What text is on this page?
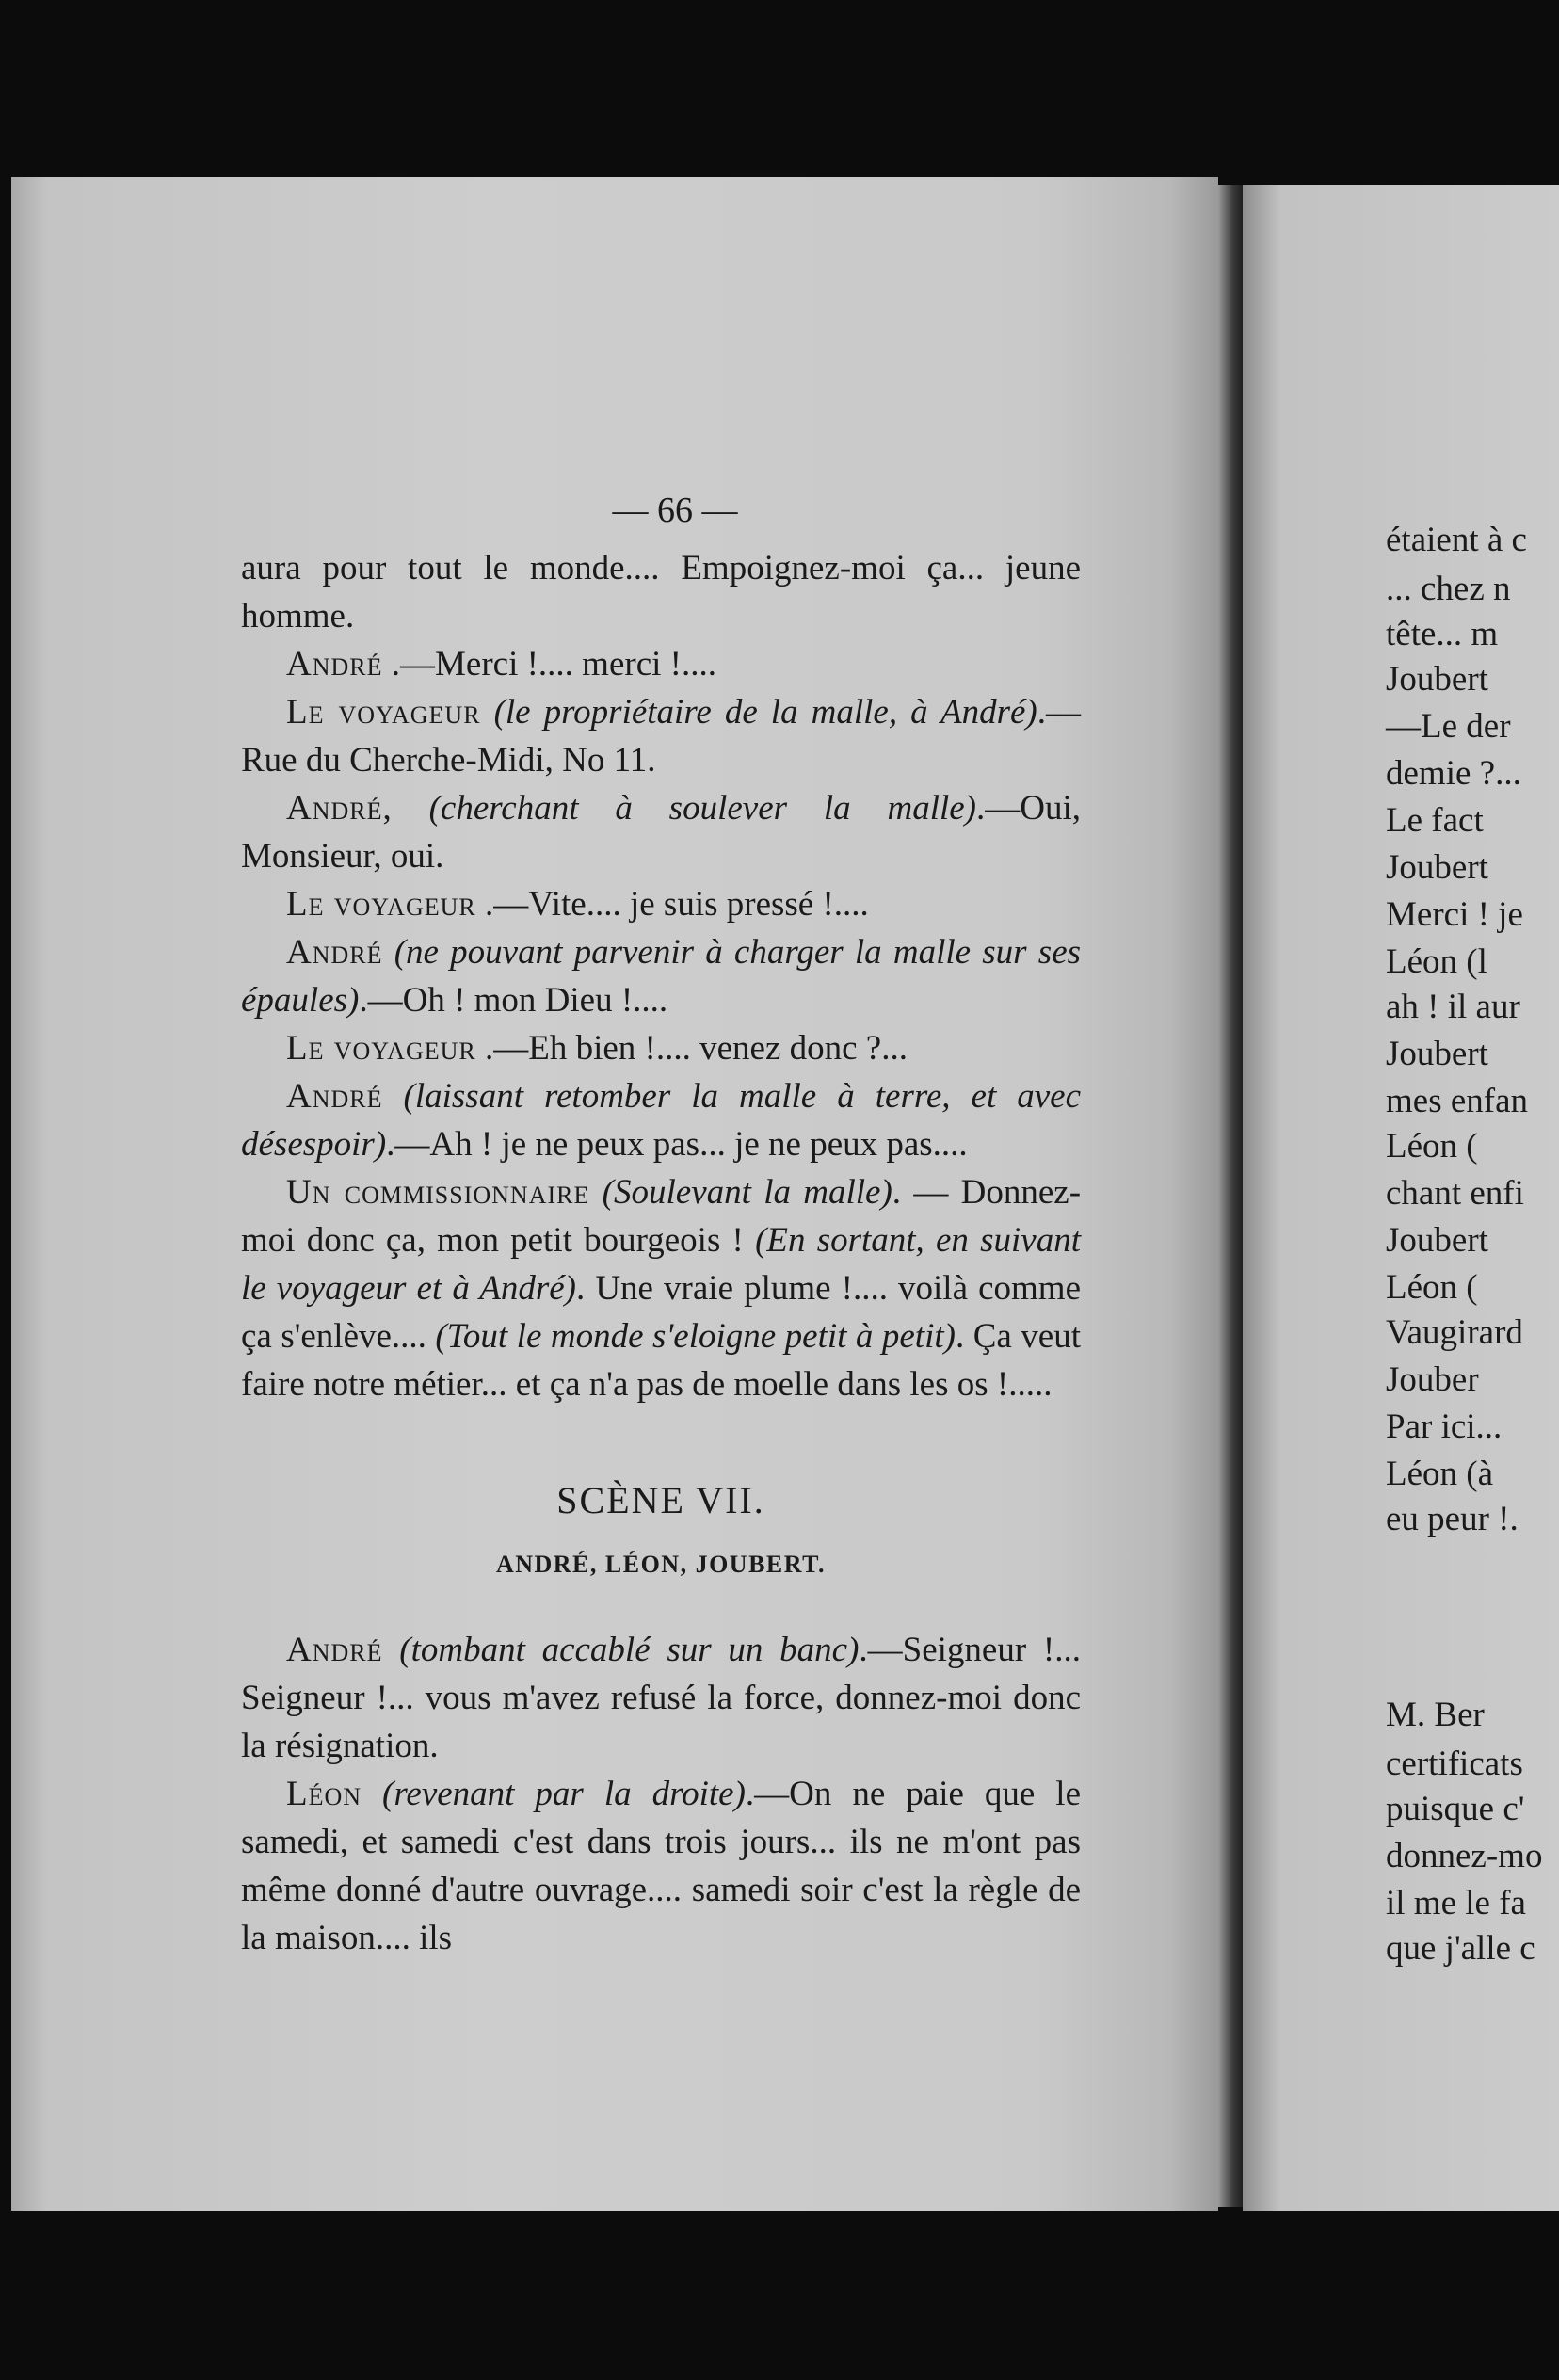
étaient à c
... chez n
tête... m
Joubert
—Le der
demie ?...
Le fact
Joubert
Merci ! je
Léon (l
ah ! il aur
Joubert
mes enfan
Léon (
chant enfi
Joubert
Léon (
Vaugirard
Jouber
Par ici...
Léon (à
eu peur !.
M. Ber
certificats
puisque c'
donnez-mo
il me le fa
que j'alle c
— 66 —

aura pour tout le monde.... Empoignez-moi ça... jeune homme.

André .—Merci !.... merci !....

Le voyageur (le propriétaire de la malle, à André).—Rue du Cherche-Midi, No 11.

André, (cherchant à soulever la malle).—Oui, Monsieur, oui.

Le voyageur .—Vite.... je suis pressé !....

André (ne pouvant parvenir à charger la malle sur ses épaules).—Oh ! mon Dieu !....

Le voyageur .—Eh bien !.... venez donc ?...

André (laissant retomber la malle à terre, et avec désespoir).—Ah ! je ne peux pas... je ne peux pas....

Un commissionnaire (Soulevant la malle). — Donnez-moi donc ça, mon petit bourgeois ! (En sortant, en suivant le voyageur et à André). Une vraie plume !.... voilà comme ça s'enlève.... (Tout le monde s'eloigne petit à petit). Ça veut faire notre métier... et ça n'a pas de moelle dans les os !.....

SCÈNE VII.
ANDRÉ, LÉON, JOUBERT.

André (tombant accablé sur un banc).—Seigneur !... Seigneur !... vous m'avez refusé la force, donnez-moi donc la résignation.

Léon (revenant par la droite).—On ne paie que le samedi, et samedi c'est dans trois jours... ils ne m'ont pas même donné d'autre ouvrage.... samedi soir c'est la règle de la maison.... ils
